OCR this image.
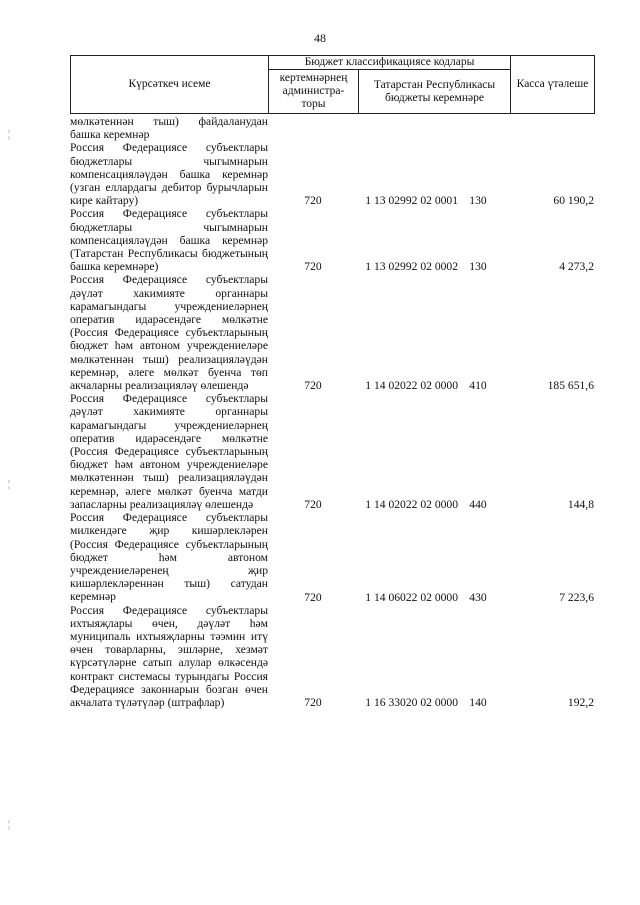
48
Күрсәткеч исеме	Бюджет классификациясе кодлары		Касса үтәлеше
	кертемнәрнең администра-торы	Татарстан Республикасы бюджеты керемнәре	
мөлкәтеннән тыш) файдаланудан башка керемнәр				
Россия Федерациясе субъектлары бюджетлары чыгымнарын компенсацияләүдән башка керемнәр (узган еллардагы дебитор бурычларын кире кайтару)	720	1 13 02992 02 0001	130	60 190,2
Россия Федерациясе субъектлары бюджетлары чыгымнарын компенсацияләүдән башка керемнәр (Татарстан Республикасы бюджетының башка керемнәре)	720	1 13 02992 02 0002	130	4 273,2
Россия Федерациясе субъектлары дәүләт хакимияте органнары карамагындагы учреждениеләрнең оператив идарәсендәге мөлкәтне (Россия Федерациясе субъектларының бюджет һәм автоном учреждениеләре мөлкәтеннән тыш) реализацияләүдән керемнәр, әлеге мөлкәт буенча төп акчаларны реализацияләү өлешендә	720	1 14 02022 02 0000	410	185 651,6
Россия Федерациясе субъектлары дәүләт хакимияте органнары карамагындагы учреждениеләрнең оператив идарәсендәге мөлкәтне (Россия Федерациясе субъектларының бюджет һәм автоном учреждениеләре мөлкәтеннән тыш) реализацияләүдән керемнәр, әлеге мөлкәт буенча матди запасларны реализацияләү өлешендә	720	1 14 02022 02 0000	440	144,8
Россия Федерациясе субъектлары милкендәге җир кишәрлекләрен (Россия Федерациясе субъектларының бюджет һәм автоном учреждениеләренең җир кишәрлекләреннән тыш) сатудан керемнәр	720	1 14 06022 02 0000	430	7 223,6
Россия Федерациясе субъектлары ихтыяҗлары өчен, дәүләт һәм муниципаль ихтыяҗларны тәэмин итү өчен товарларны, эшләрне, хезмәт күрсәтүләрне сатып алулар өлкәсендә контракт системасы турындагы Россия Федерациясе законнарын бозган өчен акчалата түләтүләр (штрафлар)	720	1 16 33020 02 0000	140	192,2
¦
¦
¦
